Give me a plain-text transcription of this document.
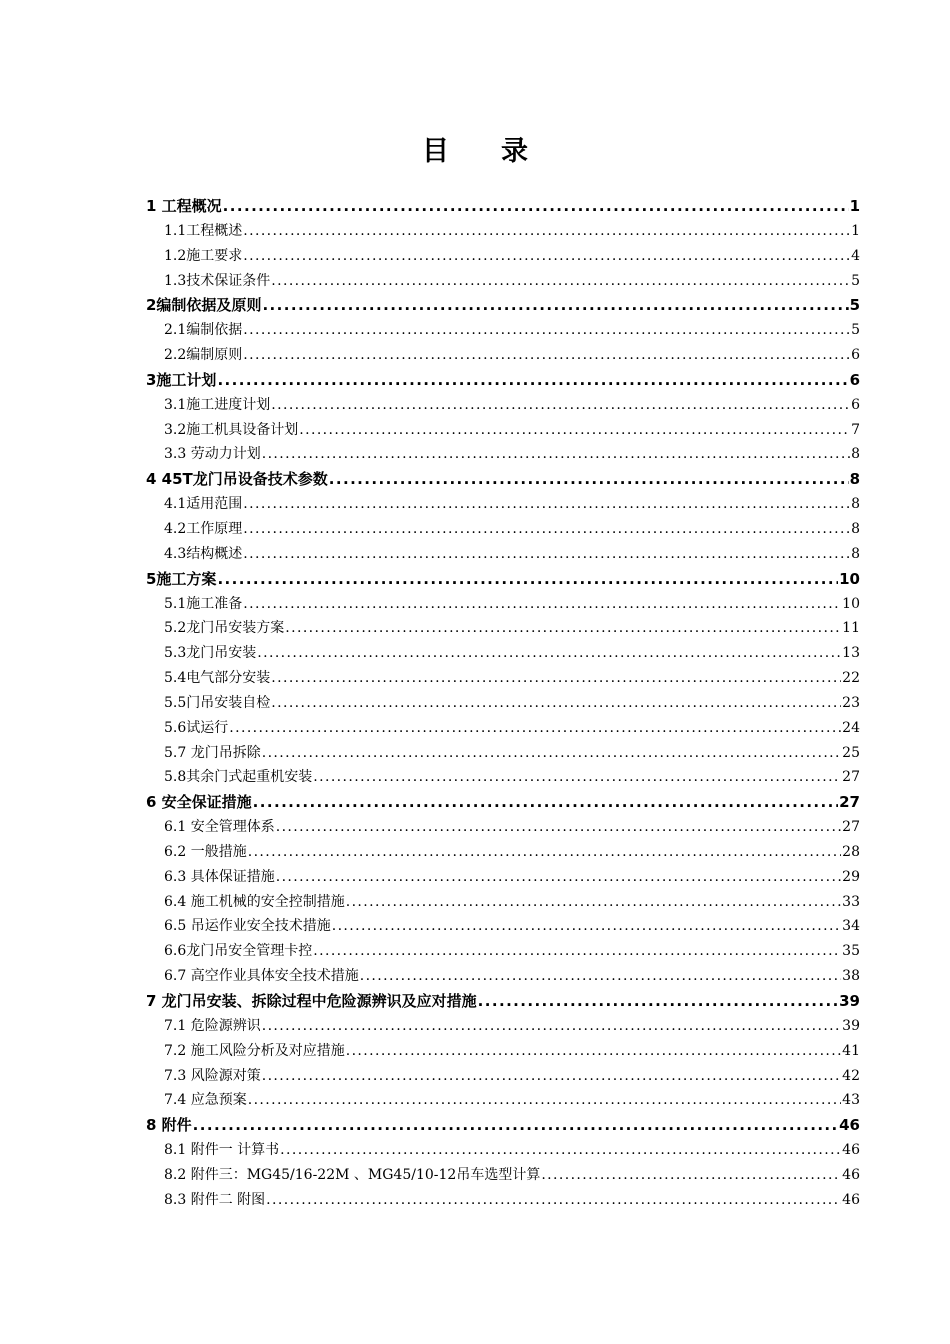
目录
1 工程概况 .....	1
1.1工程概述 .....	1
1.2施工要求 .....	4
1.3技术保证条件 .....	5
2编制依据及原则 .....	5
2.1编制依据 .....	5
2.2编制原则 .....	6
3施工计划 .....	6
3.1施工进度计划 .....	6
3.2施工机具设备计划 .....	7
3.3 劳动力计划 .....	8
4 45T龙门吊设备技术参数 .....	8
4.1适用范围 .....	8
4.2工作原理 .....	8
4.3结构概述 .....	8
5施工方案 .....	10
5.1施工准备 .....	10
5.2龙门吊安装方案 .....	11
5.3龙门吊安装 .....	13
5.4电气部分安装 .....	22
5.5门吊安装自检 .....	23
5.6试运行 .....	24
5.7 龙门吊拆除 .....	25
5.8其余门式起重机安装 .....	27
6 安全保证措施 .....	27
6.1 安全管理体系 .....	27
6.2 一般措施 .....	28
6.3 具体保证措施 .....	29
6.4 施工机械的安全控制措施 .....	33
6.5 吊运作业安全技术措施 .....	34
6.6龙门吊安全管理卡控 .....	35
6.7 高空作业具体安全技术措施 .....	38
7 龙门吊安装、拆除过程中危险源辨识及应对措施 .....	39
7.1 危险源辨识 .....	39
7.2 施工风险分析及对应措施 .....	41
7.3 风险源对策 .....	42
7.4 应急预案 .....	43
8 附件 .....	46
8.1 附件一 计算书 .....	46
8.2 附件三：MG45/16-22M 、MG45/10-12吊车选型计算 .....	46
8.3 附件二 附图 .....	46
